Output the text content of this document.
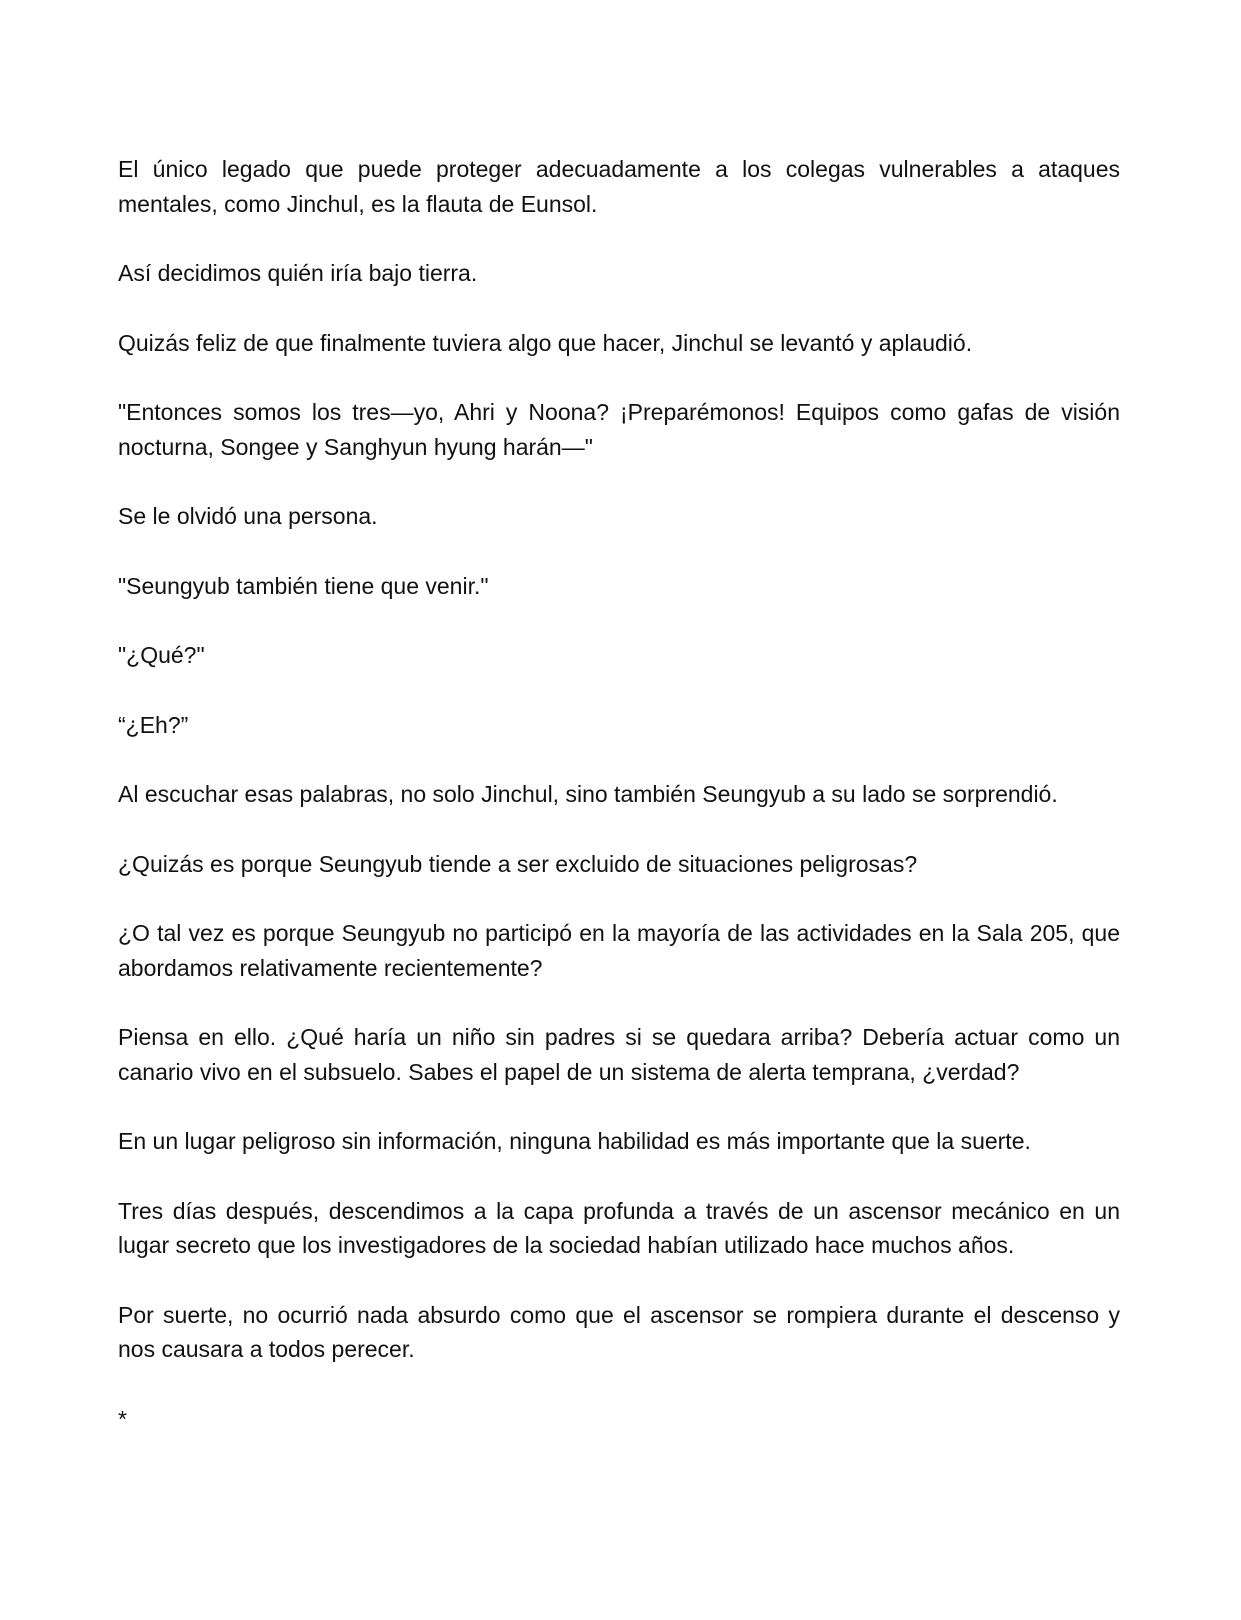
El único legado que puede proteger adecuadamente a los colegas vulnerables a ataques mentales, como Jinchul, es la flauta de Eunsol.

Así decidimos quién iría bajo tierra.

Quizás feliz de que finalmente tuviera algo que hacer, Jinchul se levantó y aplaudió.

"Entonces somos los tres—yo, Ahri y Noona? ¡Preparémonos! Equipos como gafas de visión nocturna, Songee y Sanghyun hyung harán—"

Se le olvidó una persona.

"Seungyub también tiene que venir."

"¿Qué?"

“¿Eh?”

Al escuchar esas palabras, no solo Jinchul, sino también Seungyub a su lado se sorprendió.

¿Quizás es porque Seungyub tiende a ser excluido de situaciones peligrosas?

¿O tal vez es porque Seungyub no participó en la mayoría de las actividades en la Sala 205, que abordamos relativamente recientemente?

Piensa en ello. ¿Qué haría un niño sin padres si se quedara arriba? Debería actuar como un canario vivo en el subsuelo. Sabes el papel de un sistema de alerta temprana, ¿verdad?

En un lugar peligroso sin información, ninguna habilidad es más importante que la suerte.

Tres días después, descendimos a la capa profunda a través de un ascensor mecánico en un lugar secreto que los investigadores de la sociedad habían utilizado hace muchos años.

Por suerte, no ocurrió nada absurdo como que el ascensor se rompiera durante el descenso y nos causara a todos perecer.

*
